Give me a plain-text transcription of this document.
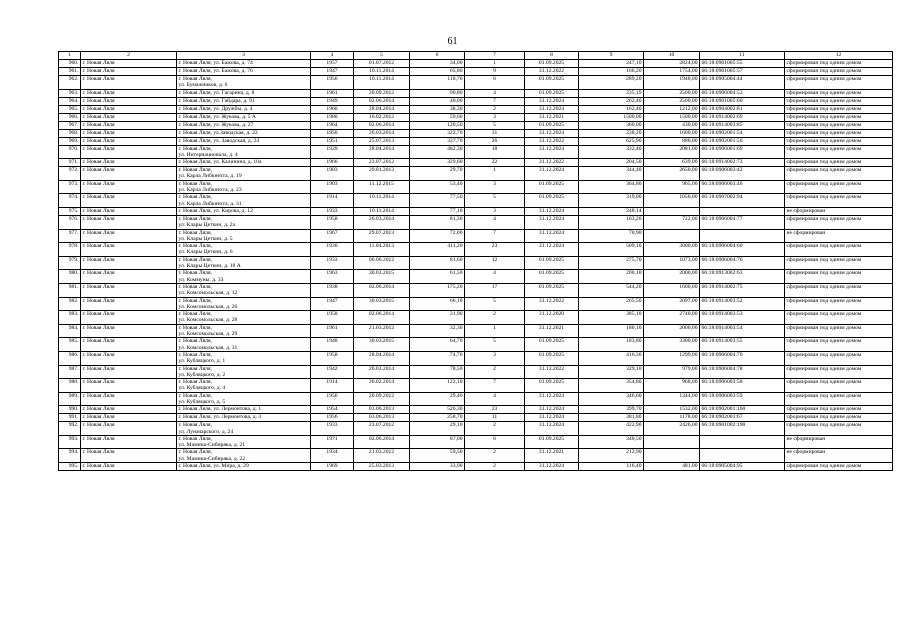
61
1	2	3	4	5	6	7	8	9	10	11	12
960.	г. Новая Ляля	г. Новая Ляля, ул. Бажова, д. 74	1957	01.07.2012	34,00	1	01.09.2025	247,10	2824,00	66:18:0901005:55	сформирован под одним домом
961.	г. Новая Ляля	г. Новая Ляля, ул. Бажова, д. 76	1947	10.11.2014	65,80	9	31.12.2022	166,20	1754,00	66:18:0901005:57	сформирован под одним домом
962.	г. Новая Ляля	г. Новая Ляля,
ул. Бумажников, д. 6	1956	10.11.2014	118,70	6	01.09.2025	289,20	1948,00	66:18:0905004:44	сформирован под одним домом
963.	г. Новая Ляля	г. Новая Ляля, ул. Гагарина, д. 8	1961	20.09.2012	90,80	4	01.09.2025	235,19	2500,00	66:18:0906004:53	сформирован под одним домом
964.	г. Новая Ляля	г. Новая Ляля, ул. Гайдара, д. 91	1949	02.06.2014	40,00	7	31.12.2024	262,40	2500,00	66:18:0901005:60	сформирован под одним домом
965.	г. Новая Ляля	г. Новая Ляля, ул. Дружбы, д. 4	1960	28.04.2014	38,30	2	31.12.2024	162,40	1212,00	66:18:0904002:81	сформирован под одним домом
966.	г. Новая Ляля	г. Новая Ляля, ул. Жукова, д. 5 А	1980	16.02.2012	59,60	3	31.12.2021	1500,00	1500,00	66:18:0914002:69	сформирован под одним домом
967.	г. Новая Ляля	г. Новая Ляля, ул. Жукова, д. 27	1964	02.06.2014	120,50	5	01.09.2025	360,00	430,00	66:18:0914003:85	сформирован под одним домом
968.	г. Новая Ляля	г. Новая Ляля, ул.Заводская, д. 22	1950	26.03.2014	322,70	31	31.12.2024	238,20	1600,00	66:18:0902001:54	сформирован под одним домом
969.	г. Новая Ляля	г. Новая Ляля, ул. Заводская, д. 24	1951	25.07.2013	337,70	26	31.12.2022	625,90	886,00	66:18:0902001:56	сформирован под одним домом
970.	г. Новая Ляля	г. Новая Ляля,
ул. Интернационала, д. 4	1929	28.04.2014	482,30	18	31.12.2024	332,40	2081,00	66:18:0906001:69	сформирован под одним домом
971.	г. Новая Ляля	г. Новая Ляля, ул. Калинина, д. 10а	1966	23.07.2012	329,60	22	31.12.2022	204,50	639,00	66:18:0914002:73	сформирован под одним домом
972.	г. Новая Ляля	г. Новая Ляля,
ул. Карла Либкнехта, д. 19	1903	29.01.2013	29,70	1	31.12.2024	344,40	2650,00	66:18:0906003:42	сформирован под одним домом
973.	г. Новая Ляля	г. Новая Ляля,
ул. Карла Либкнехта, д. 23	1903	11.12.2015	53,40	3	01.09.2025	364,80	965,00	66:18:0906003:46	сформирован под одним домом
974.	г. Новая Ляля	г. Новая Ляля,
ул. Карла Либкнехта, д. 31	1914	10.11.2014	77,50	5	01.09.2025	319,00	1056,00	66:18:0907002:94	сформирован под одним домом
975.	г. Новая Ляля	г. Новая Ляля, ул. Кирова, д. 12	1933	10.11.2014	77,10	3	31.12.2024	248,14			не сформирован
976.	г. Новая Ляля	г. Новая Ляля,
ул. Клары Цеткин, д. 2а	1958	26.03.2014	81,30	4	31.12.2024	163,20	722,00	66:18:0906004:77	сформирован под одним домом
977.	г. Новая Ляля	г. Новая Ляля,
ул. Клары Цеткин, д. 5	1967	29.07.2013	72,00	7	31.12.2024	70,90			не сформирован
978.	г. Новая Ляля	г. Новая Ляля,
ул. Клары Цеткин, д. 6	1930	11.04.2013	411,20	23	31.12.2024	509,10	3000,00	66:18:0906004:60	сформирован под одним домом
979.	г. Новая Ляля	г. Новая Ляля,
ул. Клары Цеткин, д. 18 А	1933	06.06.2012	81,60	12	01.09.2025	275,70	1073,00	66:18:0906004:76	сформирован под одним домом
980.	г. Новая Ляля	г. Новая Ляля,
ул. Коммуны, д. 33	1963	30.03.2015	61,50	4	01.09.2025	200,10	2000,00	66:18:0913002:63	сформирован под одним домом
981.	г. Новая Ляля	г. Новая Ляля,
ул. Комсомольская, д. 12	1938	02.06.2014	175,20	17	01.09.2025	544,20	1600,00	66:18:0914002:75	сформирован под одним домом
982.	г. Новая Ляля	г. Новая Ляля,
ул. Комсомольская, д. 26	1947	30.03.2015	66,10	5	31.12.2022	265,50	2097,00	66:18:0914003:52	сформирован под одним домом
983.	г. Новая Ляля	г. Новая Ляля,
ул. Комсомольская, д. 28	1958	02.06.2014	31,90	2	31.12.2020	385,10	2740,00	66:18:0914003:53	сформирован под одним домом
984.	г. Новая Ляля	г. Новая Ляля,
ул. Комсомольская, д. 29	1961	21.03.2012	32,30	1	31.12.2021	180,10	2000,00	66:18:0914003:54	сформирован под одним домом
985.	г. Новая Ляля	г. Новая Ляля,
ул. Комсомольская, д. 31	1948	30.03.2015	64,70	5	01.09.2025	183,80	3300,00	66:18:0914003:55	сформирован под одним домом
986.	г. Новая Ляля	г. Новая Ляля,
ул. Кубляцкого, д. 1	1958	28.04.2014	74,70	3	01.09.2025	416,30	1299,00	66:18:0906004:70	сформирован под одним домом
987.	г. Новая Ляля	г. Новая Ляля,
ул. Кубляцкого, д. 2	1942	26.03.2014	78,50	2	31.12.2022	329,10	979,00	66:18:0906004:78	сформирован под одним домом
988.	г. Новая Ляля	г. Новая Ляля,
ул. Кубляцкого, д. 4	1914	26.02.2014	122,10	7	01.09.2025	354,80	968,00	66:18:0906003:58	сформирован под одним домом
989.	г. Новая Ляля	г. Новая Ляля,
ул. Кубляцкого, д. 5	1956	20.09.2012	29,40	4	31.12.2024	346,60	1344,00	66:18:0906003:59	сформирован под одним домом
990.	г. Новая Ляля	г. Новая Ляля, ул. Лермонтова, д. 1	1954	03.06.2013	526,30	23	31.12.2024	399,70	1532,00	66:18:0902001:160	сформирован под одним домом
991.	г. Новая Ляля	г. Новая Ляля, ул. Лермонтова, д. 3	1956	03.06.2013	258,70	11	31.12.2024	381,80	1178,00	66:18:0902001:67	сформирован под одним домом
992.	г. Новая Ляля	г. Новая Ляля,
ул. Луначарского, д. 24	1933	23.07.2012	29,10	2	31.12.2024	422,90	2426,00	66:18:0901002:190	сформирован под одним домом
993.	г. Новая Ляля	г. Новая Ляля,
ул. Мамина-Сибиряка, д. 21	1971	02.06.2014	87,00	6	01.09.2025	340,50			не сформирован
994.	г. Новая Ляля	г. Новая Ляля,
ул. Мамина-Сибиряка, д. 22	1934	21.03.2012	59,50	2	31.12.2021	212,90			не сформирован
995.	г. Новая Ляля	г. Новая Ляля, ул. Мира, д. 29	1969	25.03.2013	33,00	2	31.12.2024	116,40	481,00	66:18:0905004:95	сформирован под одним домом
